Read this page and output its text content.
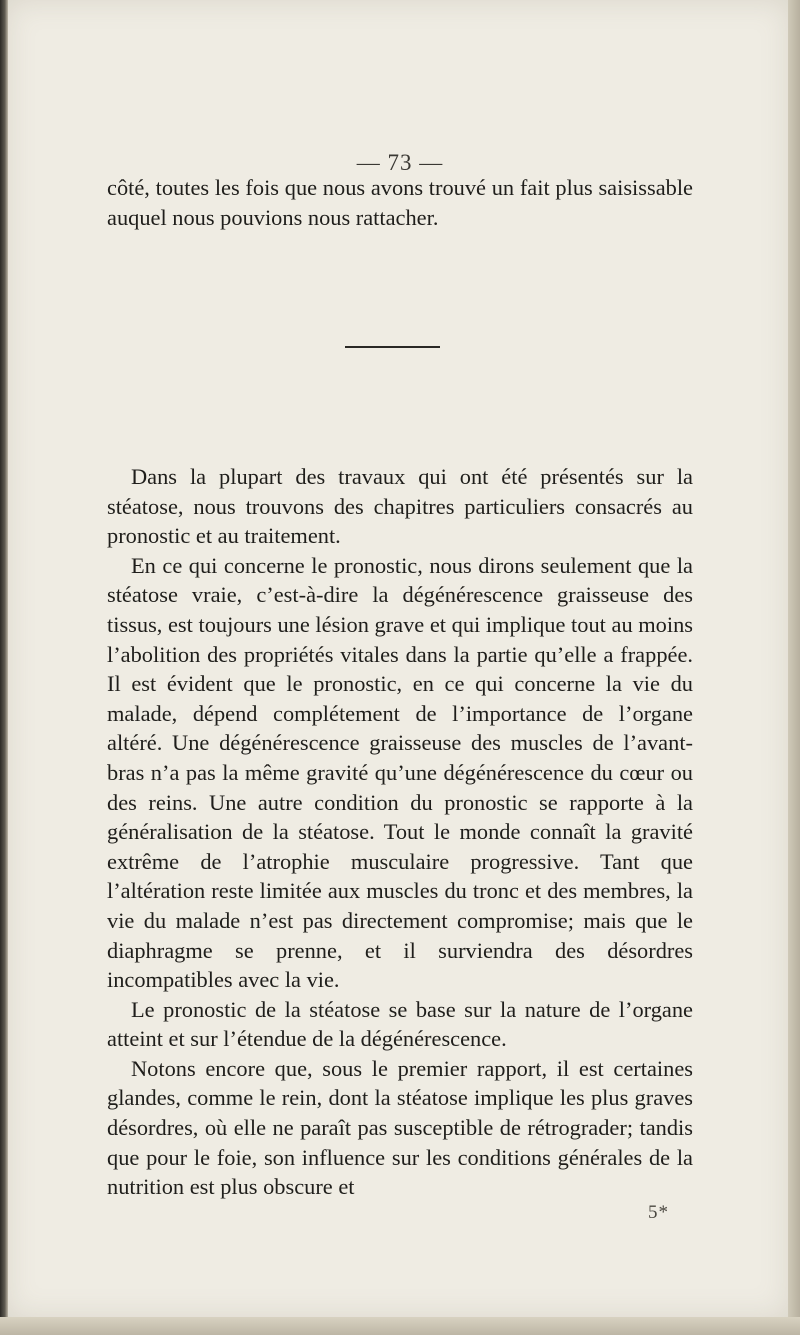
— 73 —

côté, toutes les fois que nous avons trouvé un fait plus saisissable auquel nous pouvions nous rattacher.

Dans la plupart des travaux qui ont été présentés sur la stéatose, nous trouvons des chapitres particuliers consacrés au pronostic et au traitement.

En ce qui concerne le pronostic, nous dirons seulement que la stéatose vraie, c’est-à-dire la dégénérescence graisseuse des tissus, est toujours une lésion grave et qui implique tout au moins l’abolition des propriétés vitales dans la partie qu’elle a frappée. Il est évident que le pronostic, en ce qui concerne la vie du malade, dépend complétement de l’importance de l’organe altéré. Une dégénérescence graisseuse des muscles de l’avant-bras n’a pas la même gravité qu’une dégénérescence du cœur ou des reins. Une autre condition du pronostic se rapporte à la généralisation de la stéatose. Tout le monde connaît la gravité extrême de l’atrophie musculaire progressive. Tant que l’altération reste limitée aux muscles du tronc et des membres, la vie du malade n’est pas directement compromise; mais que le diaphragme se prenne, et il surviendra des désordres incompatibles avec la vie.

Le pronostic de la stéatose se base sur la nature de l’organe atteint et sur l’étendue de la dégénérescence.

Notons encore que, sous le premier rapport, il est certaines glandes, comme le rein, dont la stéatose implique les plus graves désordres, où elle ne paraît pas susceptible de rétrograder; tandis que pour le foie, son influence sur les conditions générales de la nutrition est plus obscure et

5*
